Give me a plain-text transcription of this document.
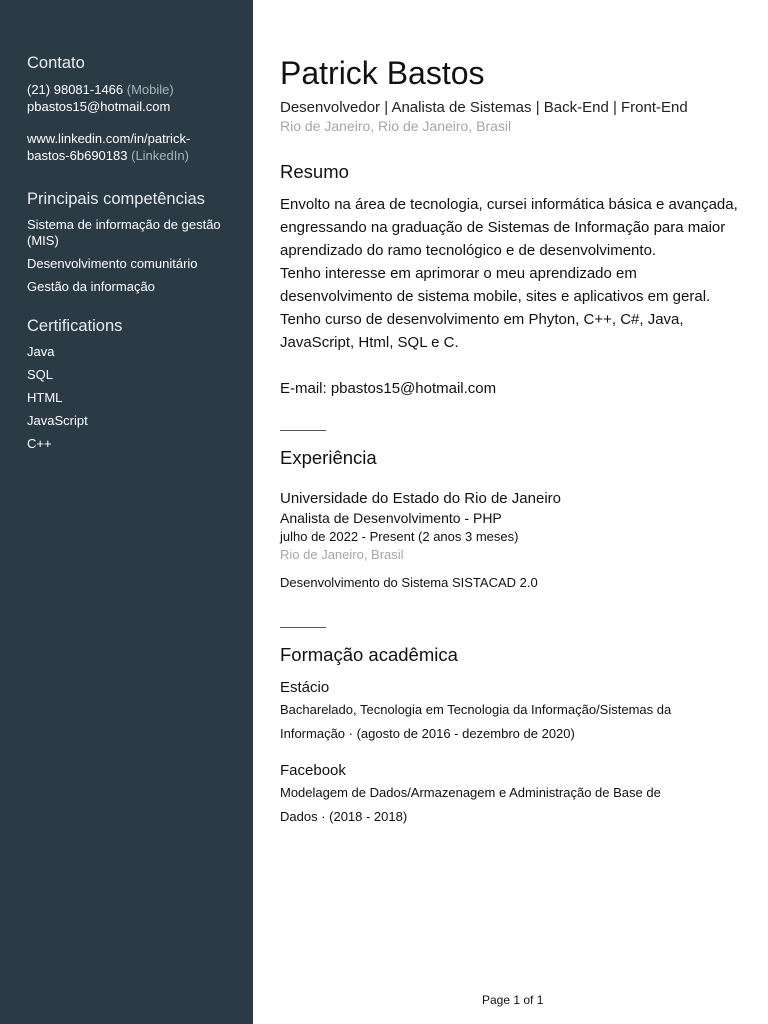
Contato
(21) 98081-1466 (Mobile)
pbastos15@hotmail.com
www.linkedin.com/in/patrick-
bastos-6b690183 (LinkedIn)
Principais competências
Sistema de informação de gestão (MIS)
Desenvolvimento comunitário
Gestão da informação
Certifications
Java
SQL
HTML
JavaScript
C++
Patrick Bastos
Desenvolvedor | Analista de Sistemas | Back-End | Front-End
Rio de Janeiro, Rio de Janeiro, Brasil
Resumo

Envolto na área de tecnologia, cursei informática básica e avançada,

engressando na graduação de Sistemas de Informação para maior

aprendizado do ramo tecnológico e de desenvolvimento.

Tenho interesse em aprimorar o meu aprendizado em

desenvolvimento de sistema mobile, sites e aplicativos em geral.

Tenho curso de desenvolvimento em Phyton, C++, C#, Java,

JavaScript, Html, SQL e C.

E-mail: pbastos15@hotmail.com

Experiência
Universidade do Estado do Rio de Janeiro
Analista de Desenvolvimento - PHP
julho de 2022 - Present (2 anos 3 meses)
Rio de Janeiro, Brasil
Desenvolvimento do Sistema SISTACAD 2.0
Formação acadêmica
Estácio
Bacharelado, Tecnologia em Tecnologia da Informação/Sistemas da
Informação · (agosto de 2016 - dezembro de 2020)
Facebook
Modelagem de Dados/Armazenagem e Administração de Base de
Dados · (2018 - 2018)
Page 1 of 1
